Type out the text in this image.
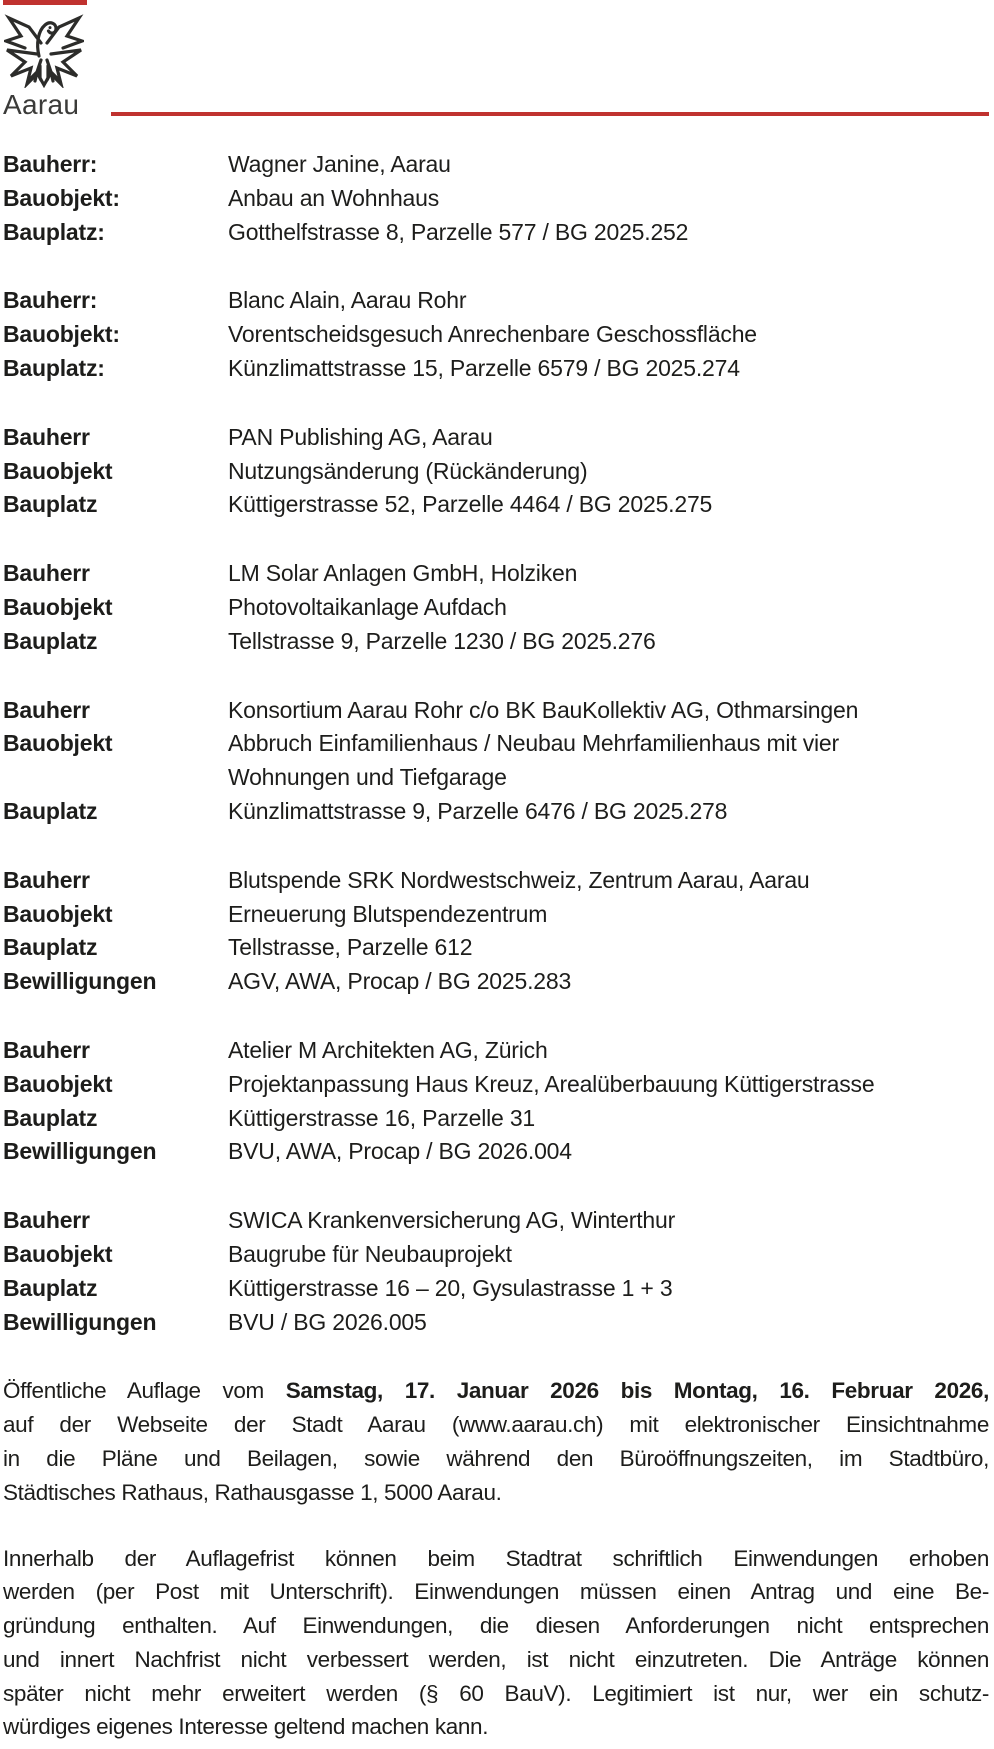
Aarau
Bauherr:	Wagner Janine, Aarau
Bauobjekt:	Anbau an Wohnhaus
Bauplatz:	Gotthelfstrasse 8, Parzelle 577 / BG 2025.252
Bauherr:	Blanc Alain, Aarau Rohr
Bauobjekt:	Vorentscheidsgesuch Anrechenbare Geschossfläche
Bauplatz:	Künzlimattstrasse 15, Parzelle 6579 / BG 2025.274
Bauherr	PAN Publishing AG, Aarau
Bauobjekt	Nutzungsänderung (Rückänderung)
Bauplatz	Küttigerstrasse 52, Parzelle 4464 / BG 2025.275
Bauherr	LM Solar Anlagen GmbH, Holziken
Bauobjekt	Photovoltaikanlage Aufdach
Bauplatz	Tellstrasse 9, Parzelle 1230 / BG 2025.276
Bauherr	Konsortium Aarau Rohr c/o BK BauKollektiv AG, Othmarsingen
Bauobjekt	Abbruch Einfamilienhaus / Neubau Mehrfamilienhaus mit vier
Wohnungen und Tiefgarage
Bauplatz	Künzlimattstrasse 9, Parzelle 6476 / BG 2025.278
Bauherr	Blutspende SRK Nordwestschweiz, Zentrum Aarau, Aarau
Bauobjekt	Erneuerung Blutspendezentrum
Bauplatz	Tellstrasse, Parzelle 612
Bewilligungen	AGV, AWA, Procap / BG 2025.283
Bauherr	Atelier M Architekten AG, Zürich
Bauobjekt	Projektanpassung Haus Kreuz, Arealüberbauung Küttigerstrasse
Bauplatz	Küttigerstrasse 16, Parzelle 31
Bewilligungen	BVU, AWA, Procap / BG 2026.004
Bauherr	SWICA Krankenversicherung AG, Winterthur
Bauobjekt	Baugrube für Neubauprojekt
Bauplatz	Küttigerstrasse 16 – 20, Gysulastrasse 1 + 3
Bewilligungen	BVU / BG 2026.005
Öffentliche Auflage vom Samstag, 17. Januar 2026 bis Montag, 16. Februar 2026,
auf der Webseite der Stadt Aarau (www.aarau.ch) mit elektronischer Einsichtnahme
in die Pläne und Beilagen, sowie während den Büroöffnungszeiten, im Stadtbüro,
Städtisches Rathaus, Rathausgasse 1, 5000 Aarau.
Innerhalb der Auflagefrist können beim Stadtrat schriftlich Einwendungen erhoben
werden (per Post mit Unterschrift). Einwendungen müssen einen Antrag und eine Be-
gründung enthalten. Auf Einwendungen, die diesen Anforderungen nicht entsprechen
und innert Nachfrist nicht verbessert werden, ist nicht einzutreten. Die Anträge können
später nicht mehr erweitert werden (§ 60 BauV). Legitimiert ist nur, wer ein schutz-
würdiges eigenes Interesse geltend machen kann.
